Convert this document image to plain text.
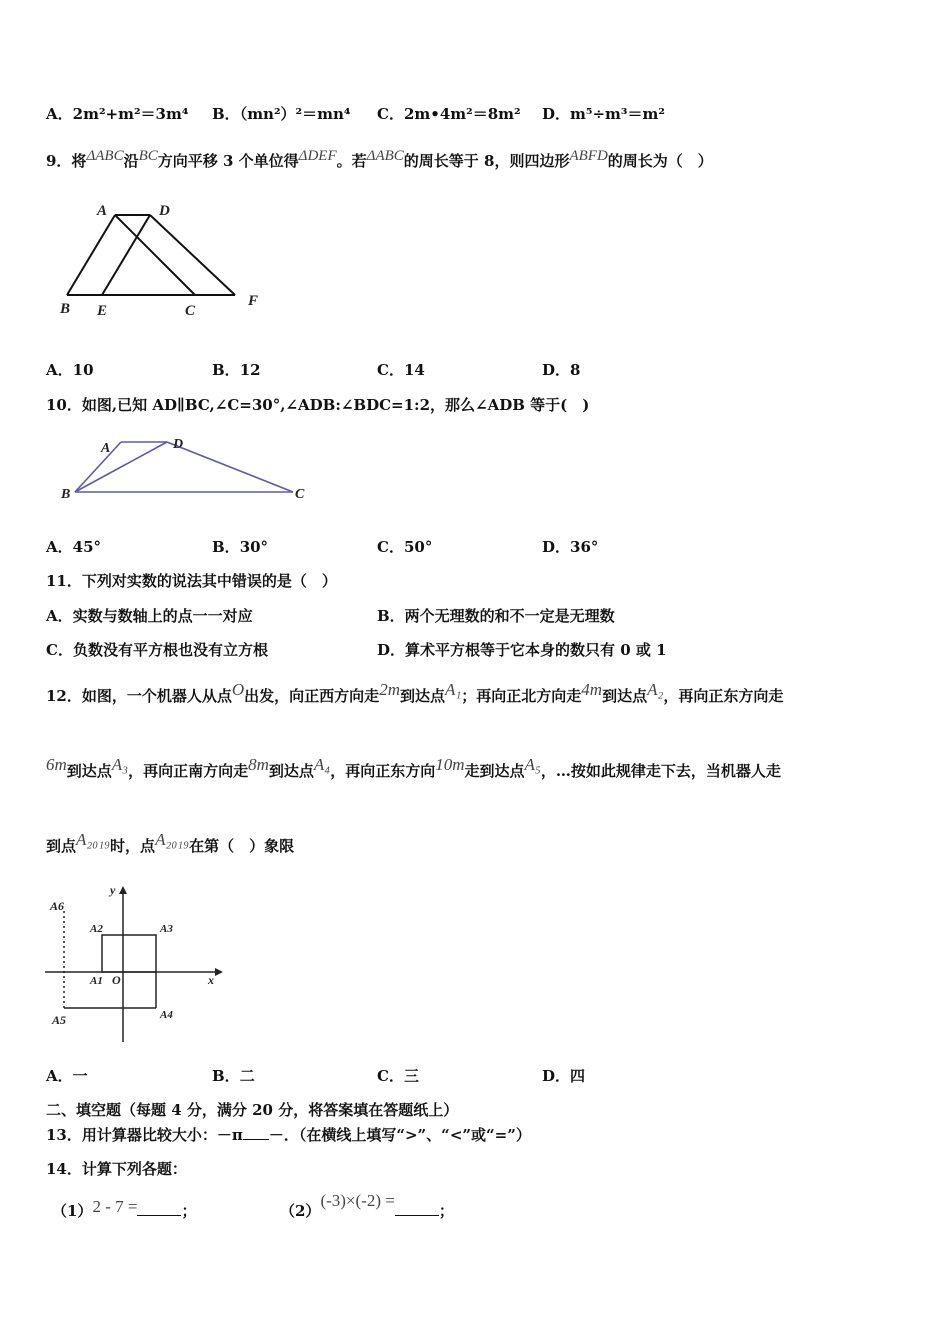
A．2m²+m²＝3m⁴ B．（mn²）²＝mn⁴ C．2m•4m²＝8m² D．m⁵÷m³＝m²
9．将ΔABC沿BC方向平移 3 个单位得ΔDEF。若ΔABC的周长等于 8，则四边形ABFD的周长为（　）
A	D
B E	C
F
A．10	B．12	C．14	D．8
10．如图,已知 AD∥BC,∠C=30°,∠ADB:∠BDC=1:2，那么∠ADB 等于(　)
A	D
B	C
A．45°	B．30°	C．50°	D．36°
11．下列对实数的说法其中错误的是（　）
A．实数与数轴上的点一一对应	B．两个无理数的和不一定是无理数
C．负数没有平方根也没有立方根	D．算术平方根等于它本身的数只有 0 或 1
12．如图，一个机器人从点O出发，向正西方向走2m到达点A₁；再向正北方向走4m到达点A₂，再向正东方向走
6m到达点A₃，再向正南方向走8m到达点A₄，再向正东方向10m走到达点A₅，…按如此规律走下去，当机器人走
到点A₂₀₁₉时，点A₂₀₁₉在第（　）象限
A6
y
A2	A3
A1 O	x
A5	A4
A．一	B．二	C．三	D．四
二、填空题（每题 4 分，满分 20 分，将答案填在答题纸上）
13．用计算器比较大小：－π －．（在横线上填写“>”、“<”或“=”）
14．计算下列各题：
（1）2 - 7 =	；	（2）(-3)×(-2) =；
